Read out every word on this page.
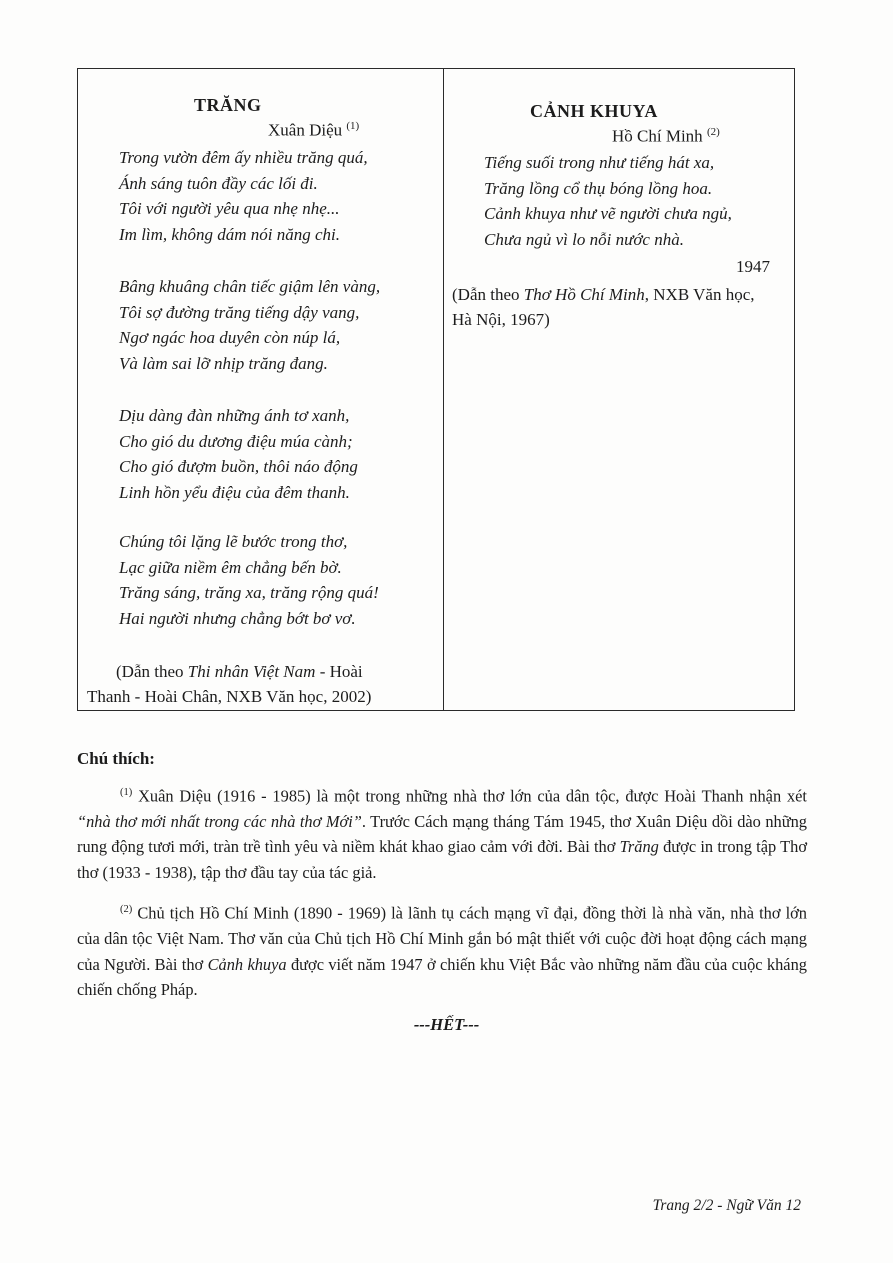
TRĂNG
Xuân Diệu $^{(1)}$
Trong vườn đêm ấy nhiều trăng quá,
Ánh sáng tuôn đầy các lối đi.
Tôi với người yêu qua nhẹ nhẹ...
Im lìm, không dám nói năng chi.
Bâng khuâng chân tiếc giậm lên vàng,
Tôi sợ đường trăng tiếng dậy vang,
Ngơ ngác hoa duyên còn núp lá,
Và làm sai lỡ nhịp trăng đang.
Dịu dàng đàn những ánh tơ xanh,
Cho gió du dương điệu múa cành;
Cho gió đượm buồn, thôi náo động
Linh hồn yểu điệu của đêm thanh.
Chúng tôi lặng lẽ bước trong thơ,
Lạc giữa niềm êm chẳng bến bờ.
Trăng sáng, trăng xa, trăng rộng quá!
Hai người nhưng chẳng bớt bơ vơ.
(Dẫn theo Thi nhân Việt Nam - Hoài
Thanh - Hoài Chân, NXB Văn học, 2002)
CẢNH KHUYA
Hồ Chí Minh $^{(2)}$
Tiếng suối trong như tiếng hát xa,
Trăng lồng cổ thụ bóng lồng hoa.
Cảnh khuya như vẽ người chưa ngủ,
Chưa ngủ vì lo nỗi nước nhà.
1947
(Dẫn theo Thơ Hồ Chí Minh, NXB Văn học,
Hà Nội, 1967)

Chú thích:

$^{(1)}$ Xuân Diệu (1916 - 1985) là một trong những nhà thơ lớn của dân tộc, được Hoài Thanh nhận xét “nhà thơ mới nhất trong các nhà thơ Mới”. Trước Cách mạng tháng Tám 1945, thơ Xuân Diệu dồi dào những rung động tươi mới, tràn trề tình yêu và niềm khát khao giao cảm với đời. Bài thơ Trăng được in trong tập Thơ thơ (1933 - 1938), tập thơ đầu tay của tác giả.

$^{(2)}$ Chủ tịch Hồ Chí Minh (1890 - 1969) là lãnh tụ cách mạng vĩ đại, đồng thời là nhà văn, nhà thơ lớn của dân tộc Việt Nam. Thơ văn của Chủ tịch Hồ Chí Minh gắn bó mật thiết với cuộc đời hoạt động cách mạng của Người. Bài thơ Cảnh khuya được viết năm 1947 ở chiến khu Việt Bắc vào những năm đầu của cuộc kháng chiến chống Pháp.

---HẾT---
Trang 2/2 - Ngữ Văn 12
